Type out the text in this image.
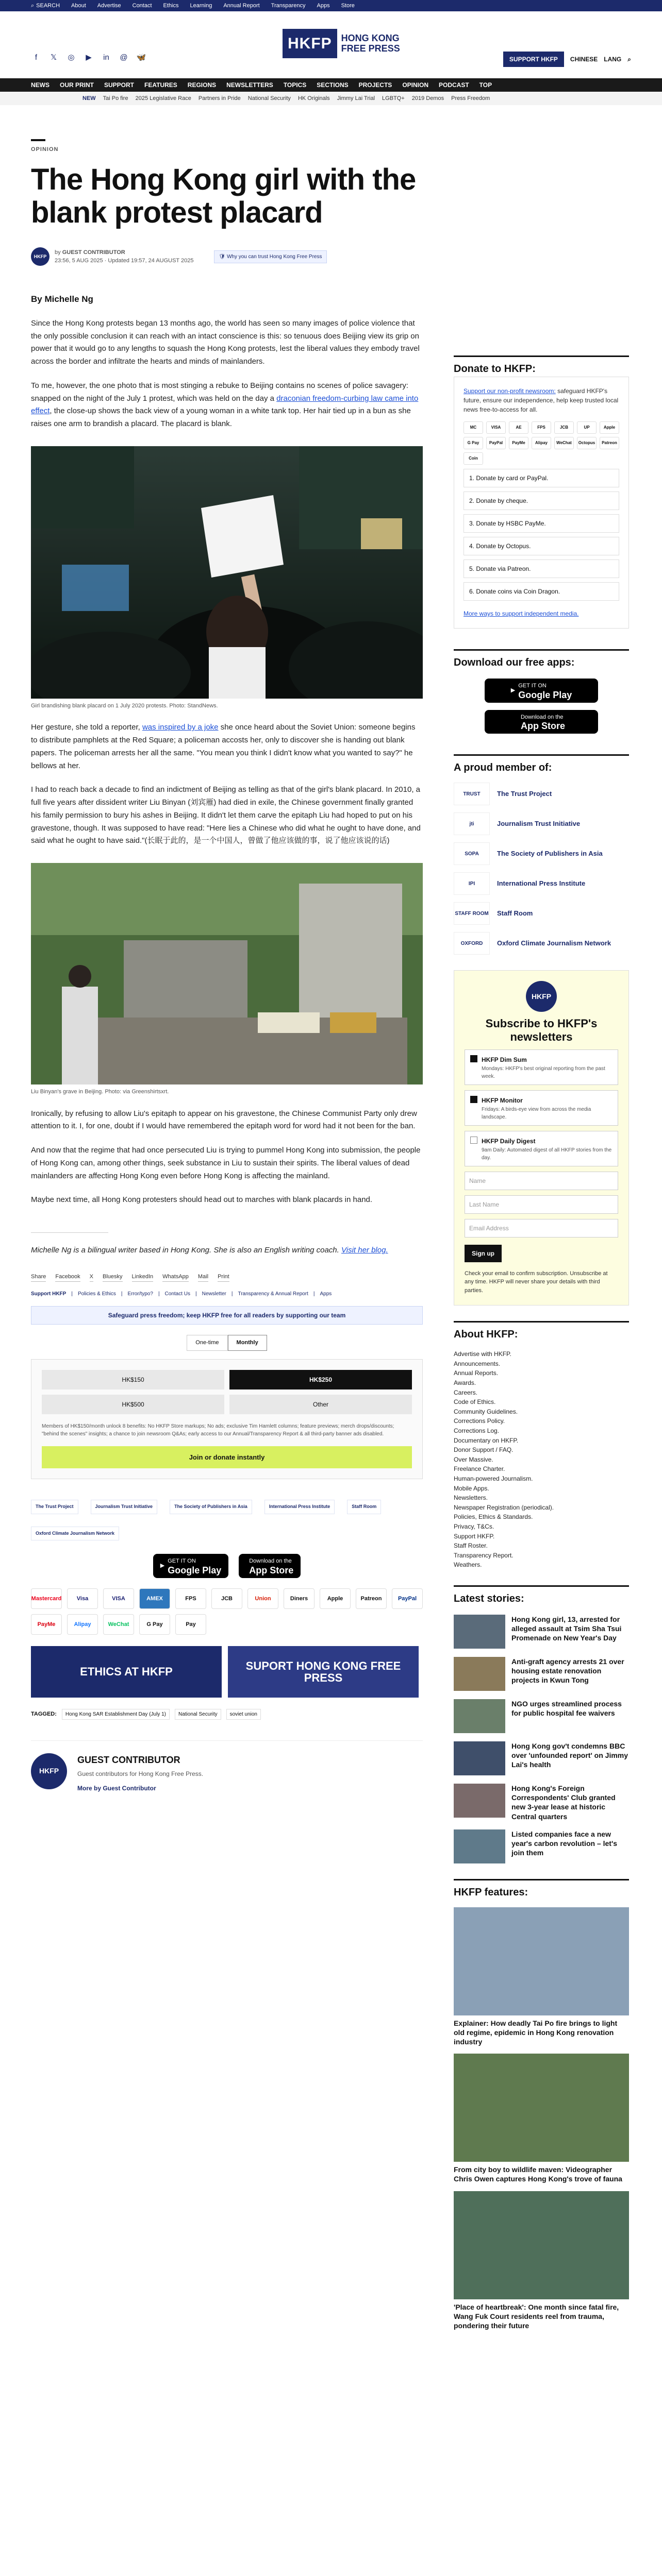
⌕ SEARCH About Advertise Contact Ethics Learning Annual Report Transparency Apps Store
f	𝕏 ◎ ▶ in @ 🦋
HKFP	HONG KONG
FREE PRESS
SUPPORT HKFP	CHINESE LANG ⌕
NEWS OUR PRINT SUPPORT FEATURES REGIONS NEWSLETTERS TOPICS SECTIONS PROJECTS OPINION PODCAST TOP
NEW Tai Po fire 2025 Legislative Race Partners in Pride National Security HK Originals Jimmy Lai Trial LGBTQ+ 2019 Demos Press Freedom
OPINION
The Hong Kong girl with the blank protest placard
HKFP
by GUEST CONTRIBUTOR
23:56, 5 AUG 2025 · Updated 19:57, 24 AUGUST 2025
🛡 Why you can trust Hong Kong Free Press
By Michelle Ng

Since the Hong Kong protests began 13 months ago, the world has seen so many images of police violence that the only possible conclusion it can reach with an intact conscience is this: so tenuous does Beijing view its grip on power that it would go to any lengths to squash the Hong Kong protests, lest the liberal values they embody travel across the border and infiltrate the hearts and minds of mainlanders.

To me, however, the one photo that is most stinging a rebuke to Beijing contains no scenes of police savagery: snapped on the night of the July 1 protest, which was held on the day a draconian freedom-curbing law came into effect, the close-up shows the back view of a young woman in a white tank top. Her hair tied up in a bun as she raises one arm to brandish a placard. The placard is blank.

Girl brandishing blank placard on 1 July 2020 protests. Photo: StandNews.

Her gesture, she told a reporter, was inspired by a joke she once heard about the Soviet Union: someone begins to distribute pamphlets at the Red Square; a policeman accosts her, only to discover she is handing out blank papers. The policeman arrests her all the same. "You mean you think I didn't know what you wanted to say?" he bellows at her.

I had to reach back a decade to find an indictment of Beijing as telling as that of the girl's blank placard. In 2010, a full five years after dissident writer Liu Binyan (刘宾雁) had died in exile, the Chinese government finally granted his family permission to bury his ashes in Beijing. It didn't let them carve the epitaph Liu had hoped to put on his gravestone, though. It was supposed to have read: "Here lies a Chinese who did what he ought to have done, and said what he ought to have said."(长眠于此的，是一个中国人，曾做了他应该做的事，说了他应该说的话)

Liu Binyan's grave in Beijing. Photo: via Greenshirtsxrt.

Ironically, by refusing to allow Liu's epitaph to appear on his gravestone, the Chinese Communist Party only drew attention to it. I, for one, doubt if I would have remembered the epitaph word for word had it not been for the ban.

And now that the regime that had once persecuted Liu is trying to pummel Hong Kong into submission, the people of Hong Kong can, among other things, seek substance in Liu to sustain their spirits. The liberal values of dead mainlanders are affecting Hong Kong even before Hong Kong is affecting the mainland.

Maybe next time, all Hong Kong protesters should head out to marches with blank placards in hand.

Michelle Ng is a bilingual writer based in Hong Kong. She is also an English writing coach. Visit her blog.

Share Facebook X Bluesky LinkedIn WhatsApp Mail Print
Support HKFP | Policies & Ethics | Error/typo? | Contact Us | Newsletter | Transparency & Annual Report | Apps
Safeguard press freedom; keep HKFP free for all readers by supporting our team
One-time	Monthly
HK$150	HK$250
HK$500	Other
Members of HK$150/month unlock 8 benefits: No HKFP Store markups; No ads; exclusive Tim Hamlett columns; feature previews; merch drops/discounts; "behind the scenes" insights; a chance to join newsroom Q&As; early access to our Annual/Transparency Report & all third-party banner ads disabled.
Join or donate instantly
The Trust Project	Journalism Trust Initiative	The Society of Publishers in Asia	International Press Institute	Staff Room
Oxford Climate Journalism Network
▶
GET IT ON
Google Play
Download on the
App Store
Mastercard	Visa	VISA	AMEX	FPS	JCB	Union	Diners	Apple	Patreon	PayPal
PayMe	Alipay	WeChat	G Pay	Pay
ETHICS AT HKFP	SUPORT HONG KONG FREE PRESS
TAGGED:	Hong Kong SAR Establishment Day (July 1)	National Security	soviet union
HKFP
GUEST CONTRIBUTOR
Guest contributors for Hong Kong Free Press.
More by Guest Contributor
Donate to HKFP:
Support our non-profit newsroom: safeguard HKFP's future, ensure our independence, help keep trusted local news free-to-access for all.
MC	VISA	AE	FPS	JCB	UP	Apple
G Pay	PayPal	PayMe	Alipay	WeChat	Octopus	Patreon
Coin
1. Donate by card or PayPal.
2. Donate by cheque.
3. Donate by HSBC PayMe.
4. Donate by Octopus.
5. Donate via Patreon.
6. Donate coins via Coin Dragon.
More ways to support independent media.
Download our free apps:
▶
GET IT ON
Google Play
Download on the
App Store
A proud member of:
TRUST	The Trust Project
jti	Journalism Trust Initiative
SOPA	The Society of Publishers in Asia
IPI	International Press Institute
STAFF ROOM Staff Room
OXFORD	Oxford Climate Journalism Network
HKFP
Subscribe to HKFP's newsletters
HKFP Dim Sum
Mondays: HKFP's best original reporting from the past week.
HKFP Monitor
Fridays: A birds-eye view from across the media landscape.
HKFP Daily Digest
9am Daily: Automated digest of all HKFP stories from the day.
Name
Last Name
Email Address
Sign up
Check your email to confirm subscription. Unsubscribe at any time. HKFP will never share your details with third parties.
About HKFP:
Advertise with HKFP.
Announcements.
Annual Reports.
Awards.
Careers.
Code of Ethics.
Community Guidelines.
Corrections Policy.
Corrections Log.
Documentary on HKFP.
Donor Support / FAQ.
Over Massive.
Freelance Charter.
Human-powered Journalism.
Mobile Apps.
Newsletters.
Newspaper Registration (periodical).
Policies, Ethics & Standards.
Privacy, T&Cs.
Support HKFP.
Staff Roster.
Transparency Report.
Weathers.
Latest stories:
Hong Kong girl, 13, arrested for alleged assault at Tsim Sha Tsui Promenade on New Year's Day
Anti-graft agency arrests 21 over housing estate renovation projects in Kwun Tong
NGO urges streamlined process for public hospital fee waivers
Hong Kong gov't condemns BBC over 'unfounded report' on Jimmy Lai's health
Hong Kong's Foreign Correspondents' Club granted new 3-year lease at historic Central quarters
Listed companies face a new year's carbon revolution – let's join them
HKFP features:
Explainer: How deadly Tai Po fire brings to light old regime, epidemic in Hong Kong renovation industry
From city boy to wildlife maven: Videographer Chris Owen captures Hong Kong's trove of fauna
'Place of heartbreak': One month since fatal fire, Wang Fuk Court residents reel from trauma, pondering their future
